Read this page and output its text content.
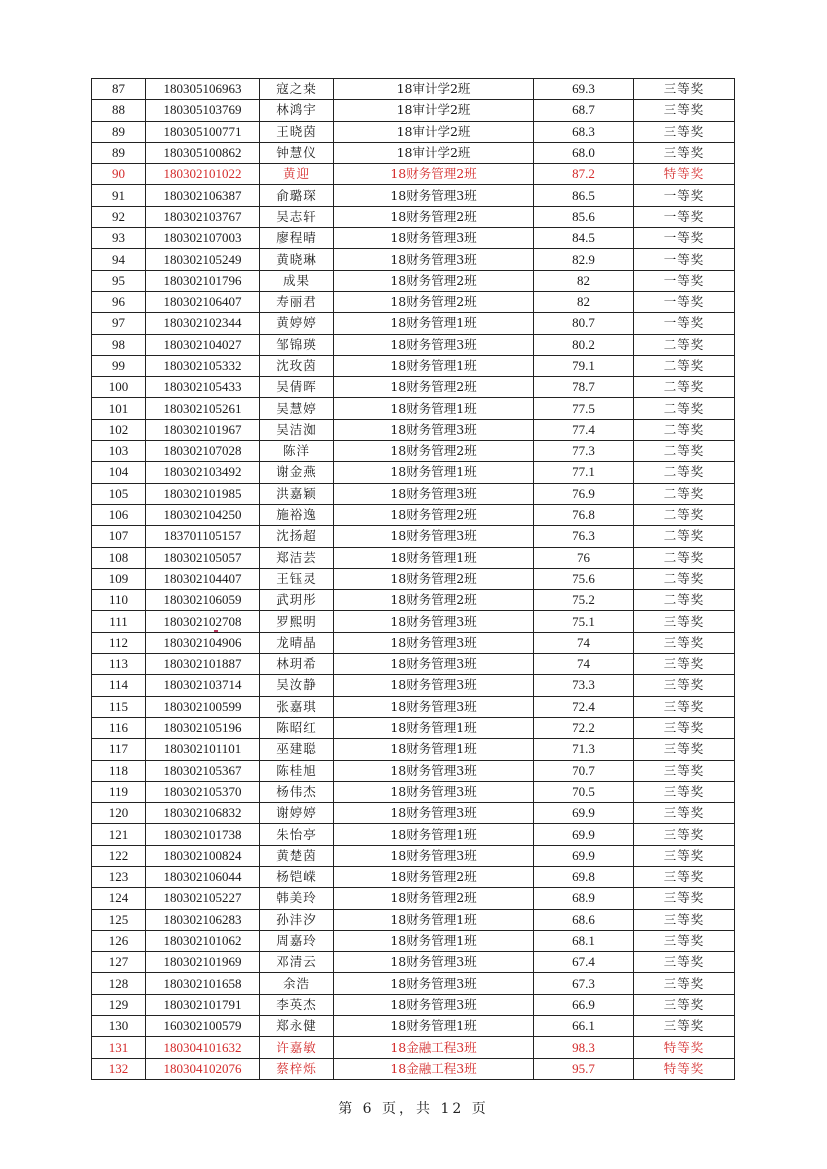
87	180305106963	寇之桒	18审计学2班	69.3	三等奖
88	180305103769	林鸿宇	18审计学2班	68.7	三等奖
89	180305100771	王晓茵	18审计学2班	68.3	三等奖
89	180305100862	钟慧仪	18审计学2班	68.0	三等奖
90	180302101022	黄迎	18财务管理2班	87.2	特等奖
91	180302106387	俞璐琛	18财务管理3班	86.5	一等奖
92	180302103767	吴志轩	18财务管理2班	85.6	一等奖
93	180302107003	廖程晴	18财务管理3班	84.5	一等奖
94	180302105249	黄晓琳	18财务管理3班	82.9	一等奖
95	180302101796	成果	18财务管理2班	82	一等奖
96	180302106407	寿丽君	18财务管理2班	82	一等奖
97	180302102344	黄婷婷	18财务管理1班	80.7	一等奖
98	180302104027	邹锦瑛	18财务管理3班	80.2	二等奖
99	180302105332	沈玫茵	18财务管理1班	79.1	二等奖
100	180302105433	吴倩晖	18财务管理2班	78.7	二等奖
101	180302105261	吴慧婷	18财务管理1班	77.5	二等奖
102	180302101967	吴洁洳	18财务管理3班	77.4	二等奖
103	180302107028	陈洋	18财务管理2班	77.3	二等奖
104	180302103492	谢金燕	18财务管理1班	77.1	二等奖
105	180302101985	洪嘉颖	18财务管理3班	76.9	二等奖
106	180302104250	施裕逸	18财务管理2班	76.8	二等奖
107	183701105157	沈扬超	18财务管理3班	76.3	二等奖
108	180302105057	郑洁芸	18财务管理1班	76	二等奖
109	180302104407	王钰灵	18财务管理2班	75.6	二等奖
110	180302106059	武玥彤	18财务管理2班	75.2	二等奖
111	180302102708	罗熙明	18财务管理3班	75.1	三等奖
112	180302104906	龙晴晶	18财务管理3班	74	三等奖
113	180302101887	林玥希	18财务管理3班	74	三等奖
114	180302103714	吴汝静	18财务管理3班	73.3	三等奖
115	180302100599	张嘉琪	18财务管理3班	72.4	三等奖
116	180302105196	陈昭红	18财务管理1班	72.2	三等奖
117	180302101101	巫建聪	18财务管理1班	71.3	三等奖
118	180302105367	陈桂旭	18财务管理3班	70.7	三等奖
119	180302105370	杨伟杰	18财务管理3班	70.5	三等奖
120	180302106832	谢婷婷	18财务管理3班	69.9	三等奖
121	180302101738	朱怡亭	18财务管理1班	69.9	三等奖
122	180302100824	黄楚茵	18财务管理3班	69.9	三等奖
123	180302106044	杨铠嵘	18财务管理2班	69.8	三等奖
124	180302105227	韩美玲	18财务管理2班	68.9	三等奖
125	180302106283	孙沣汐	18财务管理1班	68.6	三等奖
126	180302101062	周嘉玲	18财务管理1班	68.1	三等奖
127	180302101969	邓清云	18财务管理3班	67.4	三等奖
128	180302101658	余浩	18财务管理3班	67.3	三等奖
129	180302101791	李英杰	18财务管理3班	66.9	三等奖
130	160302100579	郑永健	18财务管理1班	66.1	三等奖
131	180304101632	许嘉敏	18金融工程3班	98.3	特等奖
132	180304102076	蔡梓烁	18金融工程3班	95.7	特等奖
第 6 页，共 12 页
